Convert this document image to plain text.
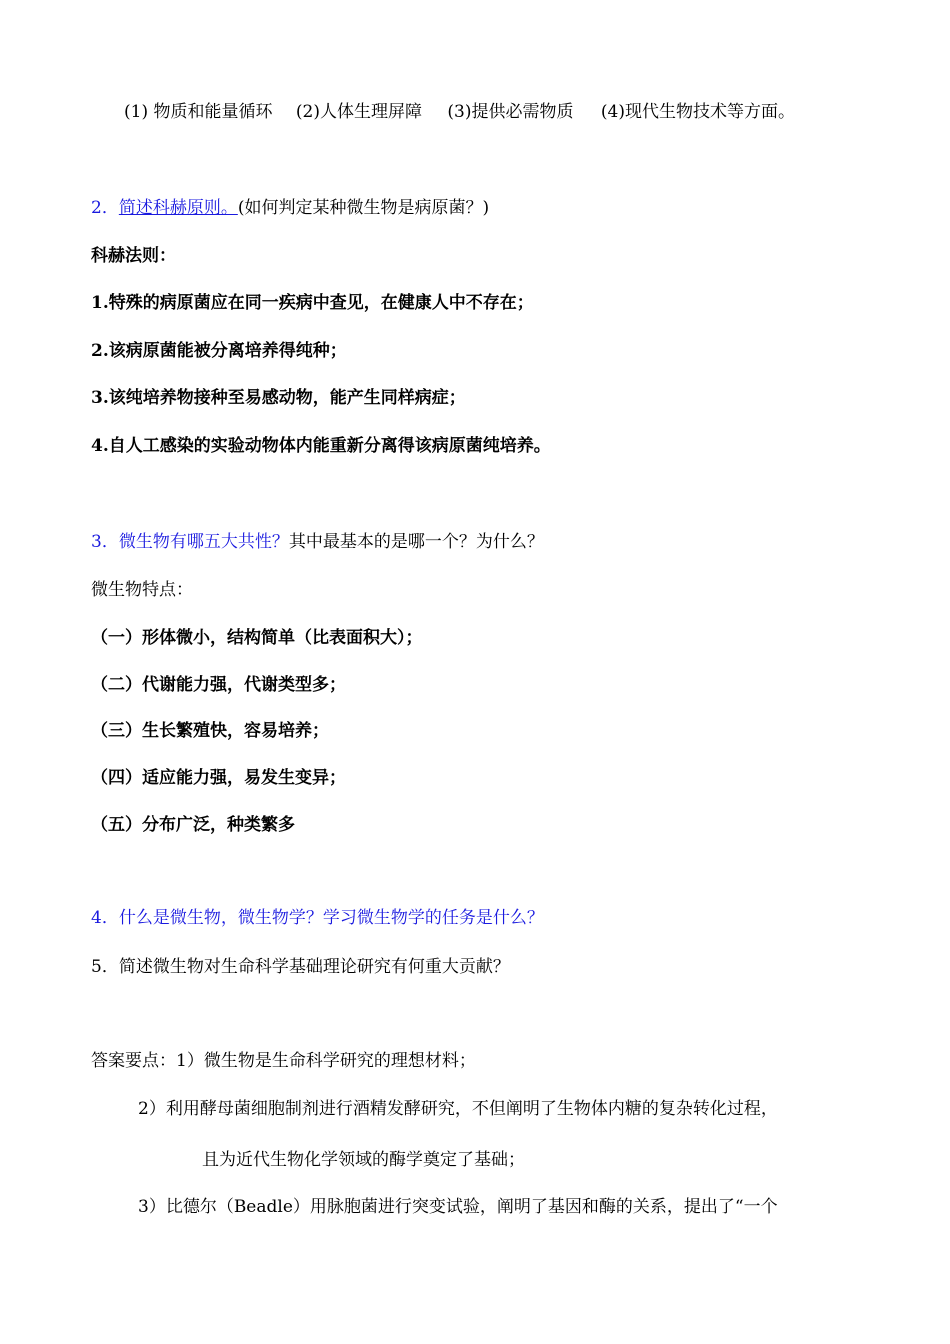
(1) 物质和能量循环 (2)人体生理屏障 (3)提供必需物质 (4)现代生物技术等方面。
2．简述科赫原则。(如何判定某种微生物是病原菌？)
科赫法则：
1.特殊的病原菌应在同一疾病中查见，在健康人中不存在；
2.该病原菌能被分离培养得纯种；
3.该纯培养物接种至易感动物，能产生同样病症；
4.自人工感染的实验动物体内能重新分离得该病原菌纯培养。
3．微生物有哪五大共性？其中最基本的是哪一个？为什么？
微生物特点：
（一）形体微小，结构简单（比表面积大）；
（二）代谢能力强，代谢类型多；
（三）生长繁殖快，容易培养；
（四）适应能力强，易发生变异；
（五）分布广泛，种类繁多
4．什么是微生物，微生物学？学习微生物学的任务是什么？
5．简述微生物对生命科学基础理论研究有何重大贡献？
答案要点：1）微生物是生命科学研究的理想材料；
2）利用酵母菌细胞制剂进行酒精发酵研究，不但阐明了生物体内糖的复杂转化过程，
且为近代生物化学领域的酶学奠定了基础；
3）比德尔（Beadle）用脉胞菌进行突变试验，阐明了基因和酶的关系，提出了“一个
